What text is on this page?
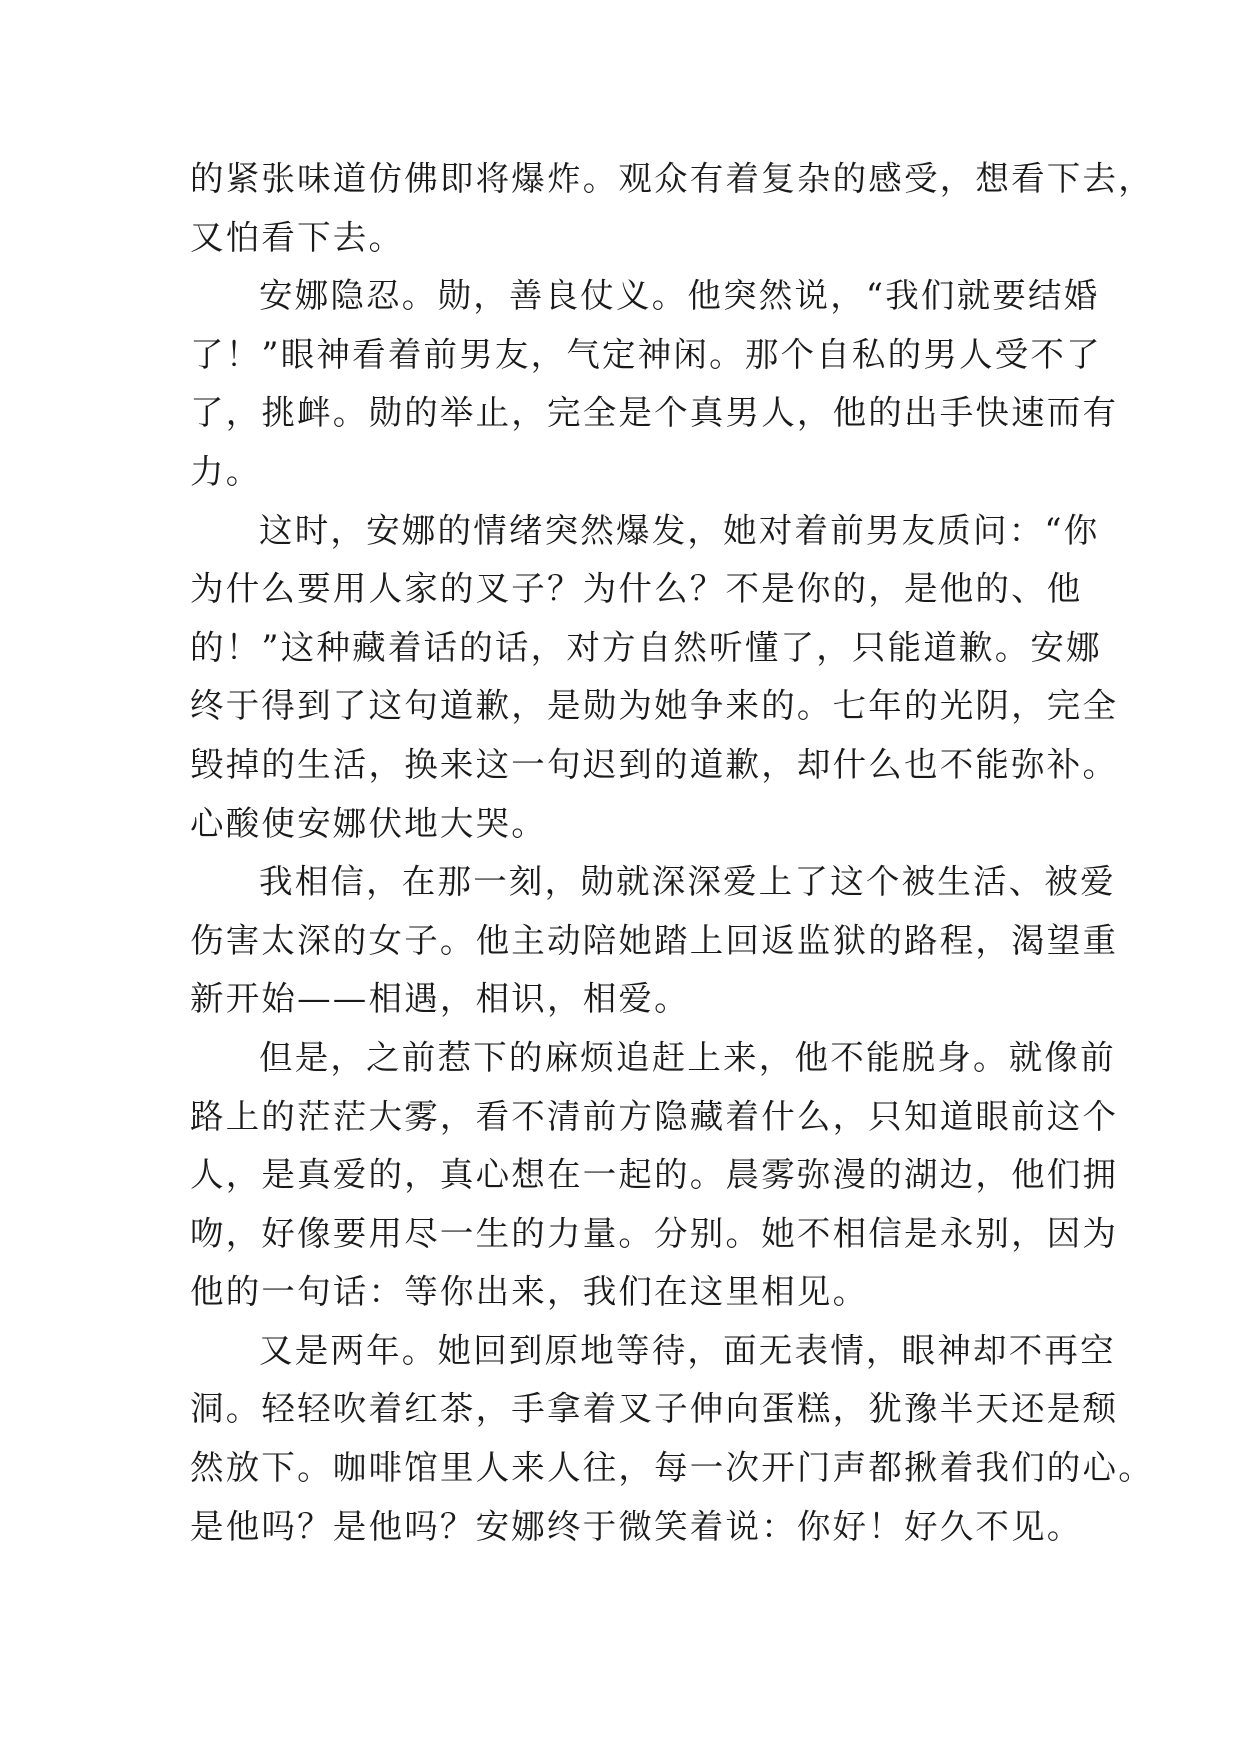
的紧张味道仿佛即将爆炸。观众有着复杂的感受，想看下去，
又怕看下去。
安娜隐忍。勋，善良仗义。他突然说，“我们就要结婚
了！”眼神看着前男友，气定神闲。那个自私的男人受不了
了，挑衅。勋的举止，完全是个真男人，他的出手快速而有
力。
这时，安娜的情绪突然爆发，她对着前男友质问：“你
为什么要用人家的叉子？为什么？不是你的，是他的、他
的！”这种藏着话的话，对方自然听懂了，只能道歉。安娜
终于得到了这句道歉，是勋为她争来的。七年的光阴，完全
毁掉的生活，换来这一句迟到的道歉，却什么也不能弥补。
心酸使安娜伏地大哭。
我相信，在那一刻，勋就深深爱上了这个被生活、被爱
伤害太深的女子。他主动陪她踏上回返监狱的路程，渴望重
新开始——相遇，相识，相爱。
但是，之前惹下的麻烦追赶上来，他不能脱身。就像前
路上的茫茫大雾，看不清前方隐藏着什么，只知道眼前这个
人，是真爱的，真心想在一起的。晨雾弥漫的湖边，他们拥
吻，好像要用尽一生的力量。分别。她不相信是永别，因为
他的一句话：等你出来，我们在这里相见。
又是两年。她回到原地等待，面无表情，眼神却不再空
洞。轻轻吹着红茶，手拿着叉子伸向蛋糕，犹豫半天还是颓
然放下。咖啡馆里人来人往，每一次开门声都揪着我们的心。
是他吗？是他吗？安娜终于微笑着说：你好！好久不见。
